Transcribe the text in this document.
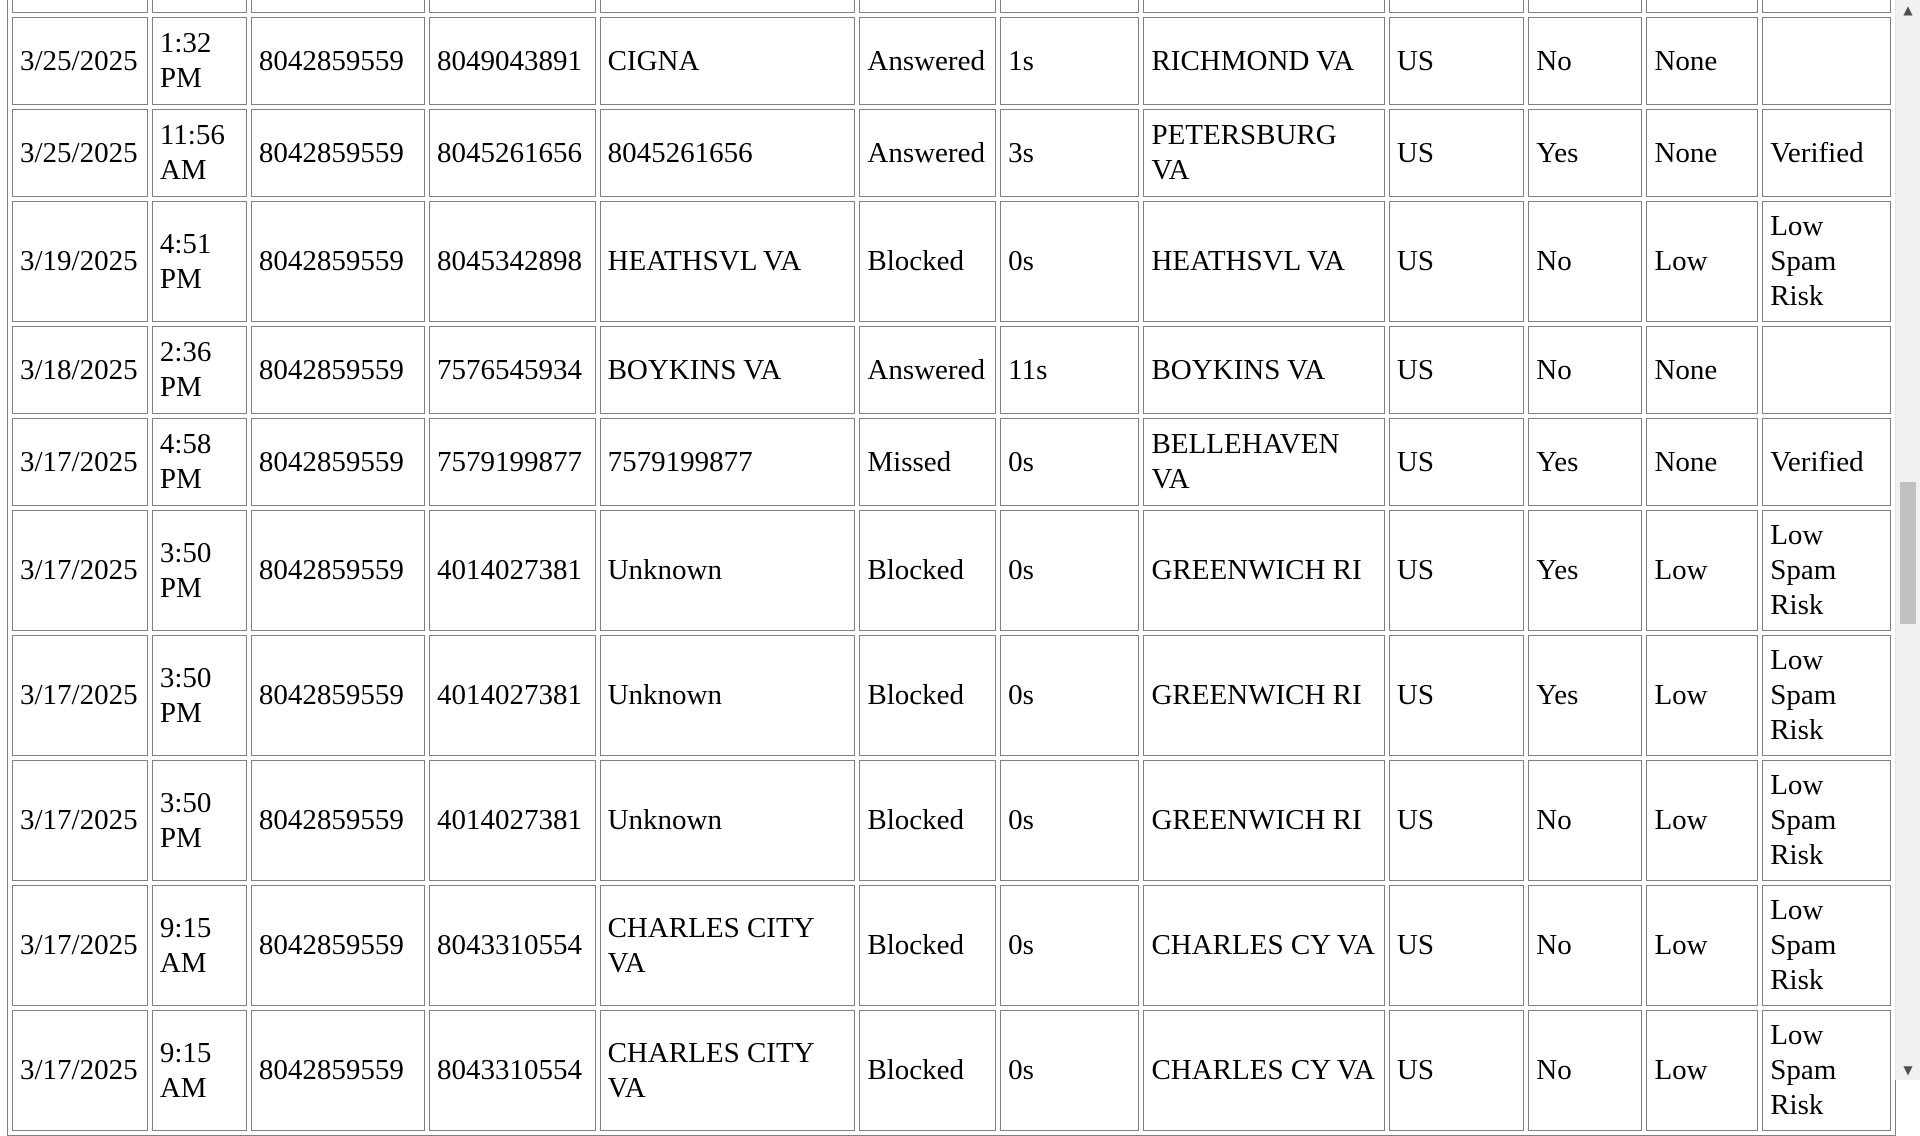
3/25/2025	1:32 PM	8042859559	8049043891	CIGNA	Answered	1s	RICHMOND VA	US	No	None	
3/25/2025	11:56 AM	8042859559	8045261656	8045261656	Answered	3s	PETERSBURG VA	US	Yes	None	Verified
3/19/2025	4:51 PM	8042859559	8045342898	HEATHSVL VA	Blocked	0s	HEATHSVL VA	US	No	Low	Low Spam Risk
3/18/2025	2:36 PM	8042859559	7576545934	BOYKINS VA	Answered	11s	BOYKINS VA	US	No	None	
3/17/2025	4:58 PM	8042859559	7579199877	7579199877	Missed	0s	BELLEHAVEN VA	US	Yes	None	Verified
3/17/2025	3:50 PM	8042859559	4014027381	Unknown	Blocked	0s	GREENWICH RI	US	Yes	Low	Low Spam Risk
3/17/2025	3:50 PM	8042859559	4014027381	Unknown	Blocked	0s	GREENWICH RI	US	Yes	Low	Low Spam Risk
3/17/2025	3:50 PM	8042859559	4014027381	Unknown	Blocked	0s	GREENWICH RI	US	No	Low	Low Spam Risk
3/17/2025	9:15 AM	8042859559	8043310554	CHARLES CITY VA	Blocked	0s	CHARLES CY VA	US	No	Low	Low Spam Risk
3/17/2025	9:15 AM	8042859559	8043310554	CHARLES CITY VA	Blocked	0s	CHARLES CY VA	US	No	Low	Low Spam Risk
▲
▼
